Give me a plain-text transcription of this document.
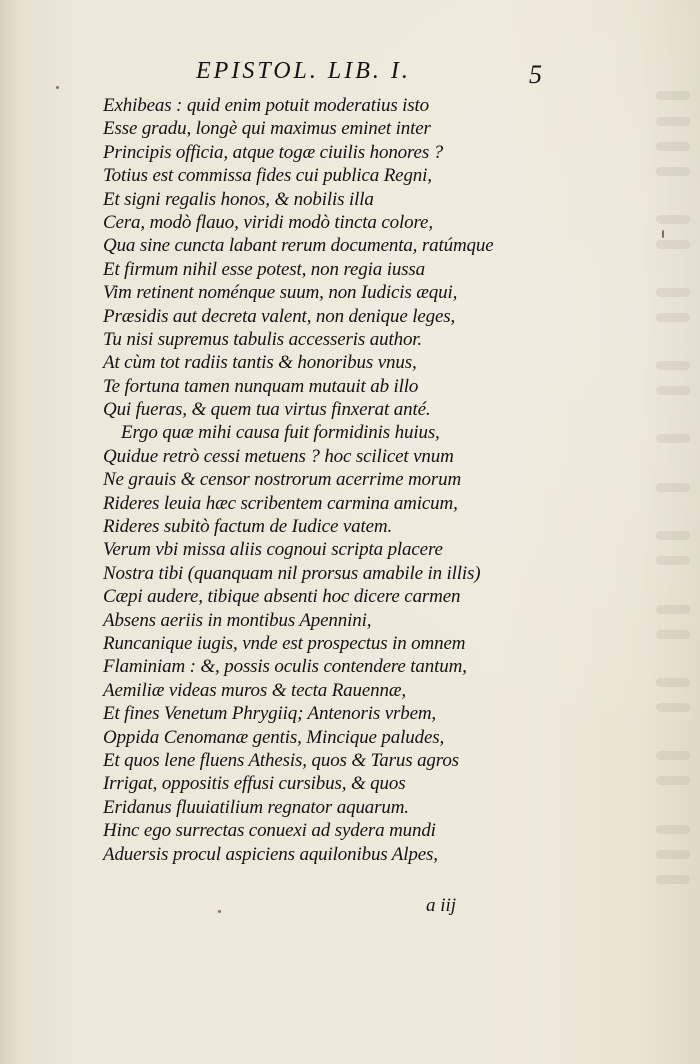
EPISTOL. LIB. I.	5
Exhibeas : quid enim potuit moderatius isto
Esse gradu, longè qui maximus eminet inter
Principis officia, atque togæ ciuilis honores ?
Totius est commissa fides cui publica Regni,
Et signi regalis honos, & nobilis illa
Cera, modò flauo, viridi modò tincta colore,
Qua sine cuncta labant rerum documenta, ratúmque
Et firmum nihil esse potest, non regia iussa
Vim retinent noménque suum, non Iudicis æqui,
Præsidis aut decreta valent, non denique leges,
Tu nisi supremus tabulis accesseris author.
At cùm tot radiis tantis & honoribus vnus,
Te fortuna tamen nunquam mutauit ab illo
Qui fueras, & quem tua virtus finxerat anté.
Ergo quæ mihi causa fuit formidinis huius,
Quidue retrò cessi metuens ? hoc scilicet vnum
Ne grauis & censor nostrorum acerrime morum
Rideres leuia hæc scribentem carmina amicum,
Rideres subitò factum de Iudice vatem.
Verum vbi missa aliis cognoui scripta placere
Nostra tibi (quanquam nil prorsus amabile in illis)
Cæpi audere, tibique absenti hoc dicere carmen
Absens aeriis in montibus Apennini,
Runcanique iugis, vnde est prospectus in omnem
Flaminiam : &, possis oculis contendere tantum,
Aemiliæ videas muros & tecta Rauennæ,
Et fines Venetum Phrygiiq; Antenoris vrbem,
Oppida Cenomanæ gentis, Mincique paludes,
Et quos lene fluens Athesis, quos & Tarus agros
Irrigat, oppositis effusi cursibus, & quos
Eridanus fluuiatilium regnator aquarum.
Hinc ego surrectas conuexi ad sydera mundi
Aduersis procul aspiciens aquilonibus Alpes,
a iij
